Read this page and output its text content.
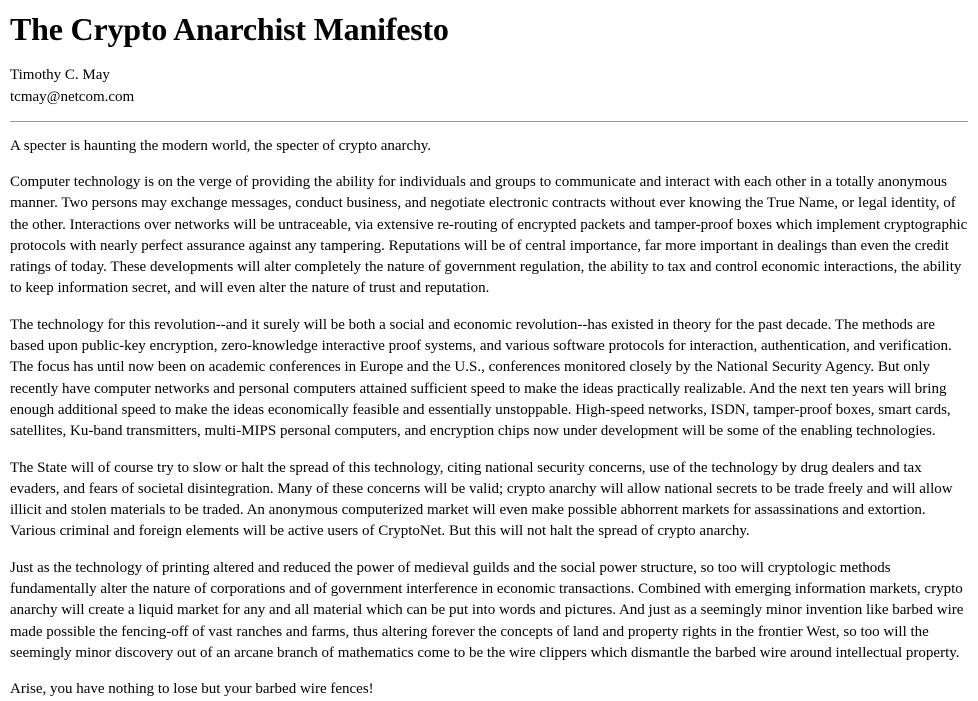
The Crypto Anarchist Manifesto
Timothy C. May
tcmay@netcom.com

A specter is haunting the modern world, the specter of crypto anarchy.

Computer technology is on the verge of providing the ability for individuals and groups to communicate and interact with each other in a totally anonymous manner. Two persons may exchange messages, conduct business, and negotiate electronic contracts without ever knowing the True Name, or legal identity, of the other. Interactions over networks will be untraceable, via extensive re-routing of encrypted packets and tamper-proof boxes which implement cryptographic protocols with nearly perfect assurance against any tampering. Reputations will be of central importance, far more important in dealings than even the credit ratings of today. These developments will alter completely the nature of government regulation, the ability to tax and control economic interactions, the ability to keep information secret, and will even alter the nature of trust and reputation.

The technology for this revolution--and it surely will be both a social and economic revolution--has existed in theory for the past decade. The methods are based upon public-key encryption, zero-knowledge interactive proof systems, and various software protocols for interaction, authentication, and verification. The focus has until now been on academic conferences in Europe and the U.S., conferences monitored closely by the National Security Agency. But only recently have computer networks and personal computers attained sufficient speed to make the ideas practically realizable. And the next ten years will bring enough additional speed to make the ideas economically feasible and essentially unstoppable. High-speed networks, ISDN, tamper-proof boxes, smart cards, satellites, Ku-band transmitters, multi-MIPS personal computers, and encryption chips now under development will be some of the enabling technologies.

The State will of course try to slow or halt the spread of this technology, citing national security concerns, use of the technology by drug dealers and tax evaders, and fears of societal disintegration. Many of these concerns will be valid; crypto anarchy will allow national secrets to be trade freely and will allow illicit and stolen materials to be traded. An anonymous computerized market will even make possible abhorrent markets for assassinations and extortion. Various criminal and foreign elements will be active users of CryptoNet. But this will not halt the spread of crypto anarchy.

Just as the technology of printing altered and reduced the power of medieval guilds and the social power structure, so too will cryptologic methods fundamentally alter the nature of corporations and of government interference in economic transactions. Combined with emerging information markets, crypto anarchy will create a liquid market for any and all material which can be put into words and pictures. And just as a seemingly minor invention like barbed wire made possible the fencing-off of vast ranches and farms, thus altering forever the concepts of land and property rights in the frontier West, so too will the seemingly minor discovery out of an arcane branch of mathematics come to be the wire clippers which dismantle the barbed wire around intellectual property.

Arise, you have nothing to lose but your barbed wire fences!
